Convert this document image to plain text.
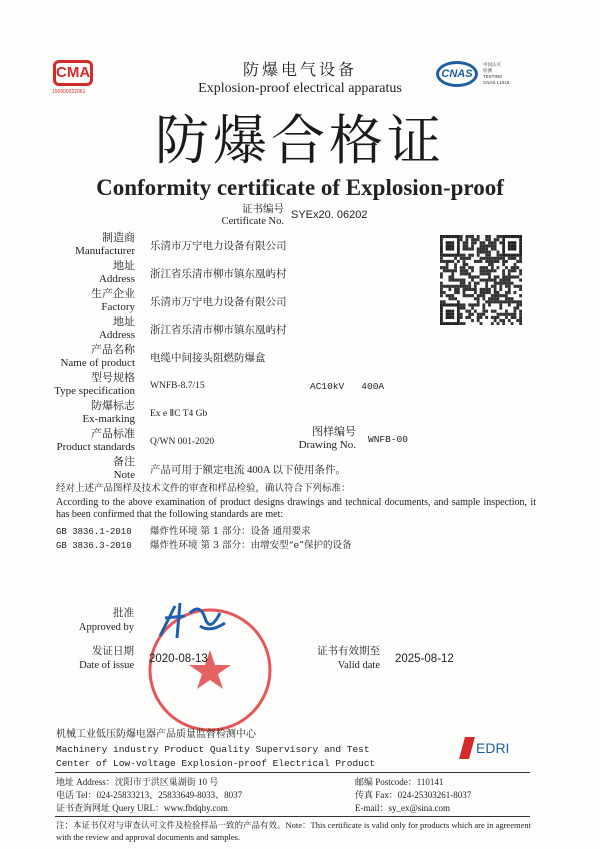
CMA
150000322061
防爆电气设备
Explosion-proof electrical apparatus
CNAS
中国认可
检测
TESTING
CNAS L1016
防爆合格证
Conformity certificate of Explosion-proof
证书编号
Certificate No.
SYEx20. 06202
制造商
Manufacturer 乐清市万宁电力设备有限公司
地址
Address 浙江省乐清市柳市镇东凰屿村
生产企业
Factory 乐清市万宁电力设备有限公司
地址
Address 浙江省乐清市柳市镇东凰屿村
产品名称
Name of product 电缆中间接头阻燃防爆盒
型号规格
Type specification WNFB-8.7/15	AC10kV   400A
防爆标志
Ex-marking Ex e ⅡC T4 Gb
产品标准
Product standards Q/WN 001-2020
图样编号
Drawing No. WNFB-00
备注
Note 产品可用于额定电流 400A 以下使用条件。
经对上述产品图样及技术文件的审查和样品检验，确认符合下列标准：
According to the above examination of product designs drawings and technical documents, and sample inspection, it has been confirmed that the following standards are met:
GB 3836.1-2010 爆炸性环境 第 1 部分：设备 通用要求
GB 3836.3-2010 爆炸性环境 第 3 部分：由增安型“e”保护的设备
批准
Approved by
发证日期
Date of issue
2020-08-13
证书有效期至
Valid date
2025-08-12
机械工业低压防爆电器产品质量监督检测中心
Machinery industry Product Quality Supervisory and Test
Center of Low-voltage Explosion-proof Electrical Product
EDRI
地址 Address：沈阳市于洪区巢湖街 10 号	邮编 Postcode：110141
电话 Tel：024-25833213、25833649-8033、8037	传真 Fax：024-25303261-8037
证书查询网址 Query URL：www.fbdqhy.com	E-mail：sy_ex@sina.com
注：本证书仅对与审查认可文件及检验样品一致的产品有效。Note：This certificate is valid only for products which are in agreement with the review and approval documents and samples.
